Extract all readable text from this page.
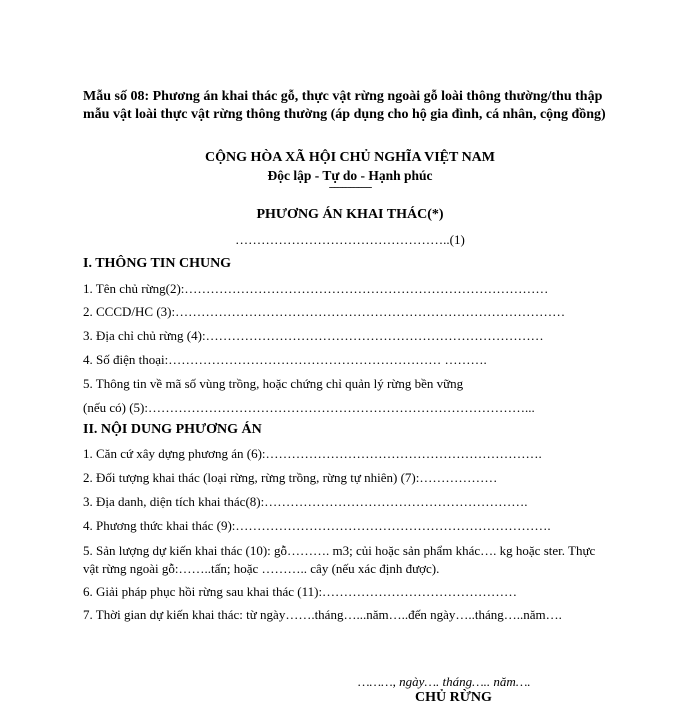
Mẫu số 08: Phương án khai thác gỗ, thực vật rừng ngoài gỗ loài thông thường/thu thập mẫu vật loài thực vật rừng thông thường (áp dụng cho hộ gia đình, cá nhân, cộng đồng)
CỘNG HÒA XÃ HỘI CHỦ NGHĨA VIỆT NAM
Độc lập - Tự do - Hạnh phúc
----------------
PHƯƠNG ÁN KHAI THÁC(*)
…………………………………………..(1)
I. THÔNG TIN CHUNG
1. Tên chủ rừng(2):…………………………………………………………………………
2. CCCD/HC (3):………………………………………………………………………………
3. Địa chỉ chủ rừng (4):……………………………………………………………………
4. Số điện thoại:……………………………………………………… ……….
5. Thông tin về mã số vùng trồng, hoặc chứng chỉ quản lý rừng bền vững
(nếu có) (5):……………………………………………………………………………...
II. NỘI DUNG PHƯƠNG ÁN
1. Căn cứ xây dựng phương án (6):……………………………………………………….
2. Đối tượng khai thác (loại rừng, rừng trồng, rừng tự nhiên) (7):………………
3. Địa danh, diện tích khai thác(8):…………………………………………………….
4. Phương thức khai thác (9):……………………………………………………………….
5. Sản lượng dự kiến khai thác (10): gỗ………. m3; củi hoặc sản phẩm khác…. kg hoặc ster. Thực vật rừng ngoài gỗ:……..tấn; hoặc ……….. cây (nếu xác định được).
6. Giải pháp phục hồi rừng sau khai thác (11):………………………………………
7. Thời gian dự kiến khai thác: từ ngày…….tháng…...năm…..đến ngày…..tháng…..năm….
………, ngày…. tháng….. năm….
CHỦ RỪNG
